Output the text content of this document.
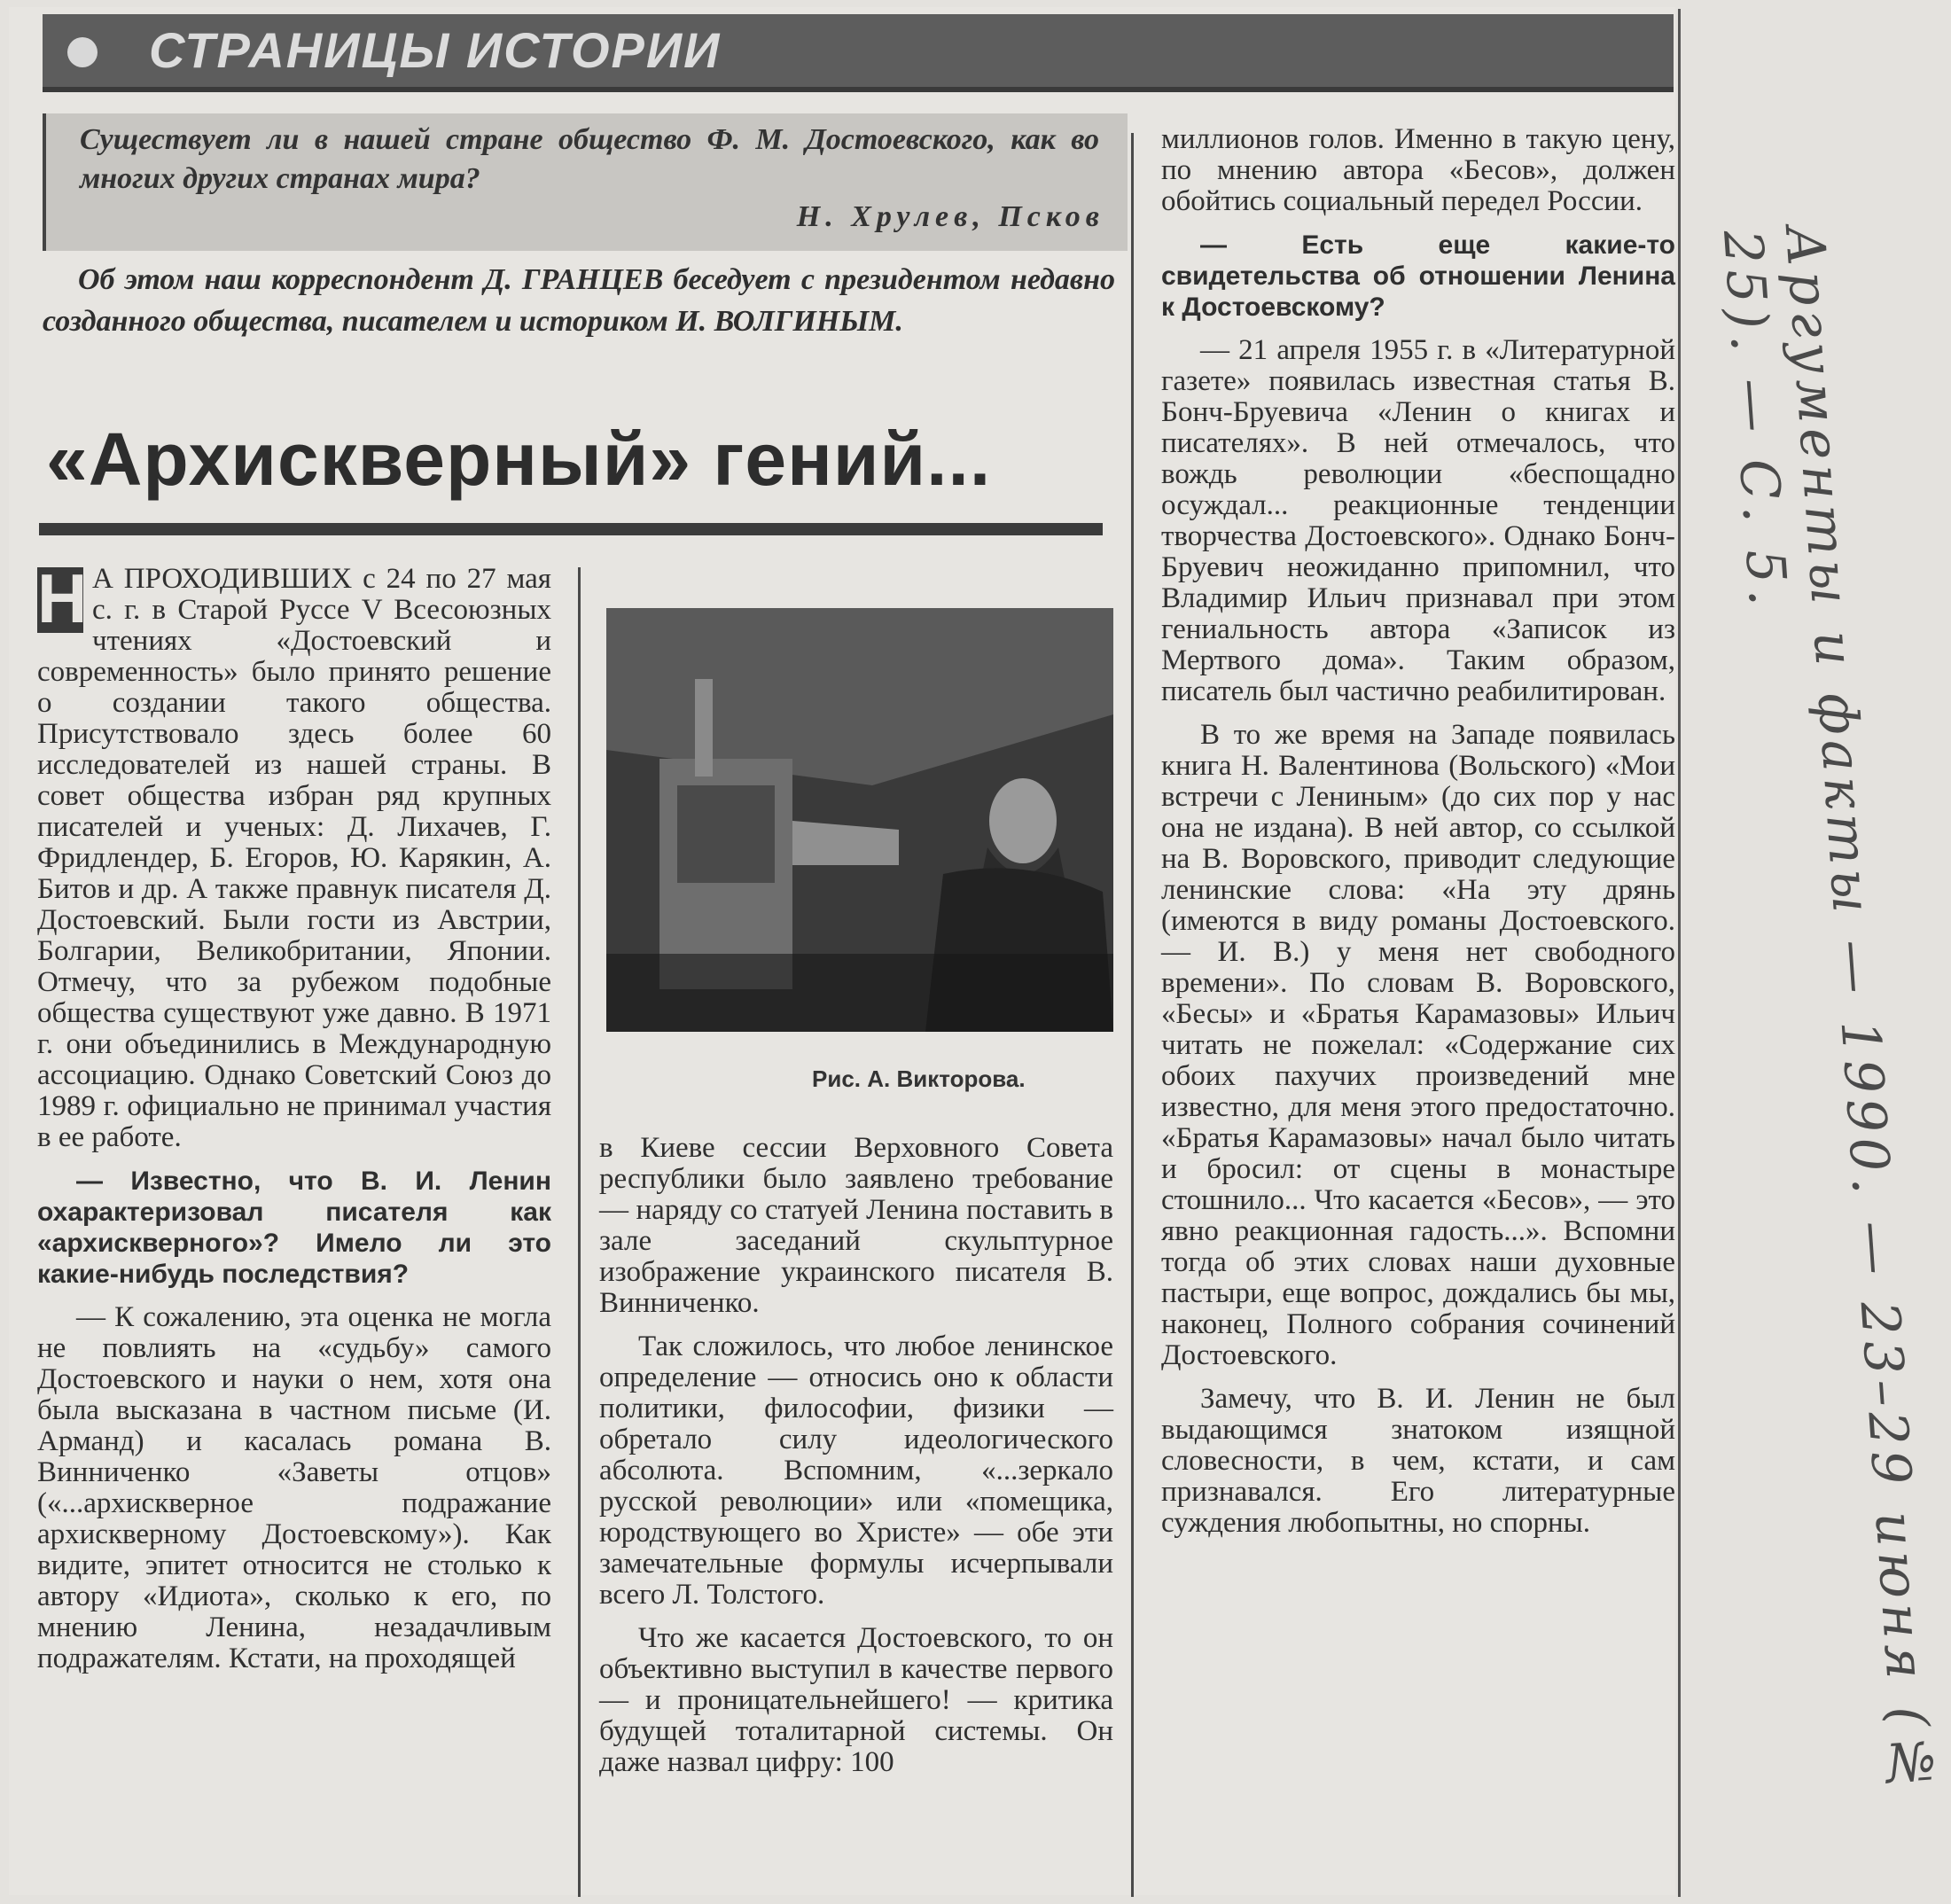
СТРАНИЦЫ ИСТОРИИ
Существует ли в нашей стране общество Ф. М. Достоевского, как во многих других странах мира?
Н. Хрулев, Псков
Об этом наш корреспондент Д. ГРАНЦЕВ беседует с президентом недавно созданного общества, писателем и историком И. ВОЛГИНЫМ.
«Архискверный» гений...

Н А ПРОХОДИВШИХ с 24 по 27 мая с. г. в Старой Руссе V Всесоюзных чтениях «Достоевский и современность» было принято решение о создании такого общества. Присутствовало здесь более 60 исследователей из нашей страны. В совет общества избран ряд крупных писателей и ученых: Д. Лихачев, Г. Фридлендер, Б. Егоров, Ю. Карякин, А. Битов и др. А также правнук писателя Д. Достоевский. Были гости из Австрии, Болгарии, Великобритании, Японии. Отмечу, что за рубежом подобные общества существуют уже давно. В 1971 г. они объединились в Международную ассоциацию. Однако Советский Союз до 1989 г. официально не принимал участия в ее работе.

— Известно, что В. И. Ленин охарактеризовал писателя как «архискверного»? Имело ли это какие-нибудь последствия?

— К сожалению, эта оценка не могла не повлиять на «судьбу» самого Достоевского и науки о нем, хотя она была высказана в частном письме (И. Арманд) и касалась романа В. Винниченко «Заветы отцов» («...архискверное подражание архискверному Достоевскому»). Как видите, эпитет относится не столько к автору «Идиота», сколько к его, по мнению Ленина, незадачливым подражателям. Кстати, на проходящей

Рис. А. Викторова.

в Киеве сессии Верховного Совета республики было заявлено требование — наряду со статуей Ленина поставить в зале заседаний скульптурное изображение украинского писателя В. Винниченко.

Так сложилось, что любое ленинское определение — относись оно к области политики, философии, физики — обретало силу идеологического абсолюта. Вспомним, «...зеркало русской революции» или «помещика, юродствующего во Христе» — обе эти замечательные формулы исчерпывали всего Л. Толстого.

Что же касается Достоевского, то он объективно выступил в качестве первого — и проницательнейшего! — критика будущей тоталитарной системы. Он даже назвал цифру: 100

миллионов голов. Именно в такую цену, по мнению автора «Бесов», должен обойтись социальный передел России.

— Есть еще какие-то свидетельства об отношении Ленина к Достоевскому?

— 21 апреля 1955 г. в «Литературной газете» появилась известная статья В. Бонч-Бруевича «Ленин о книгах и писателях». В ней отмечалось, что вождь революции «беспощадно осуждал... реакционные тенденции творчества Достоевского». Однако Бонч-Бруевич неожиданно припомнил, что Владимир Ильич признавал при этом гениальность автора «Записок из Мертвого дома». Таким образом, писатель был частично реабилитирован.

В то же время на Западе появилась книга Н. Валентинова (Вольского) «Мои встречи с Лениным» (до сих пор у нас она не издана). В ней автор, со ссылкой на В. Воровского, приводит следующие ленинские слова: «На эту дрянь (имеются в виду романы Достоевского. — И. В.) у меня нет свободного времени». По словам В. Воровского, «Бесы» и «Братья Карамазовы» Ильич читать не пожелал: «Содержание сих обоих пахучих произведений мне известно, для меня этого предостаточно. «Братья Карамазовы» начал было читать и бросил: от сцены в монастыре стошнило... Что касается «Бесов», — это явно реакционная гадость...». Вспомни тогда об этих словах наши духовные пастыри, еще вопрос, дождались бы мы, наконец, Полного собрания сочинений Достоевского.

Замечу, что В. И. Ленин не был выдающимся знатоком изящной словесности, в чем, кстати, и сам признавался. Его литературные суждения любопытны, но спорны.	Аргументы и факты — 1990. — 23–29 июня (№ 25). — С. 5.
